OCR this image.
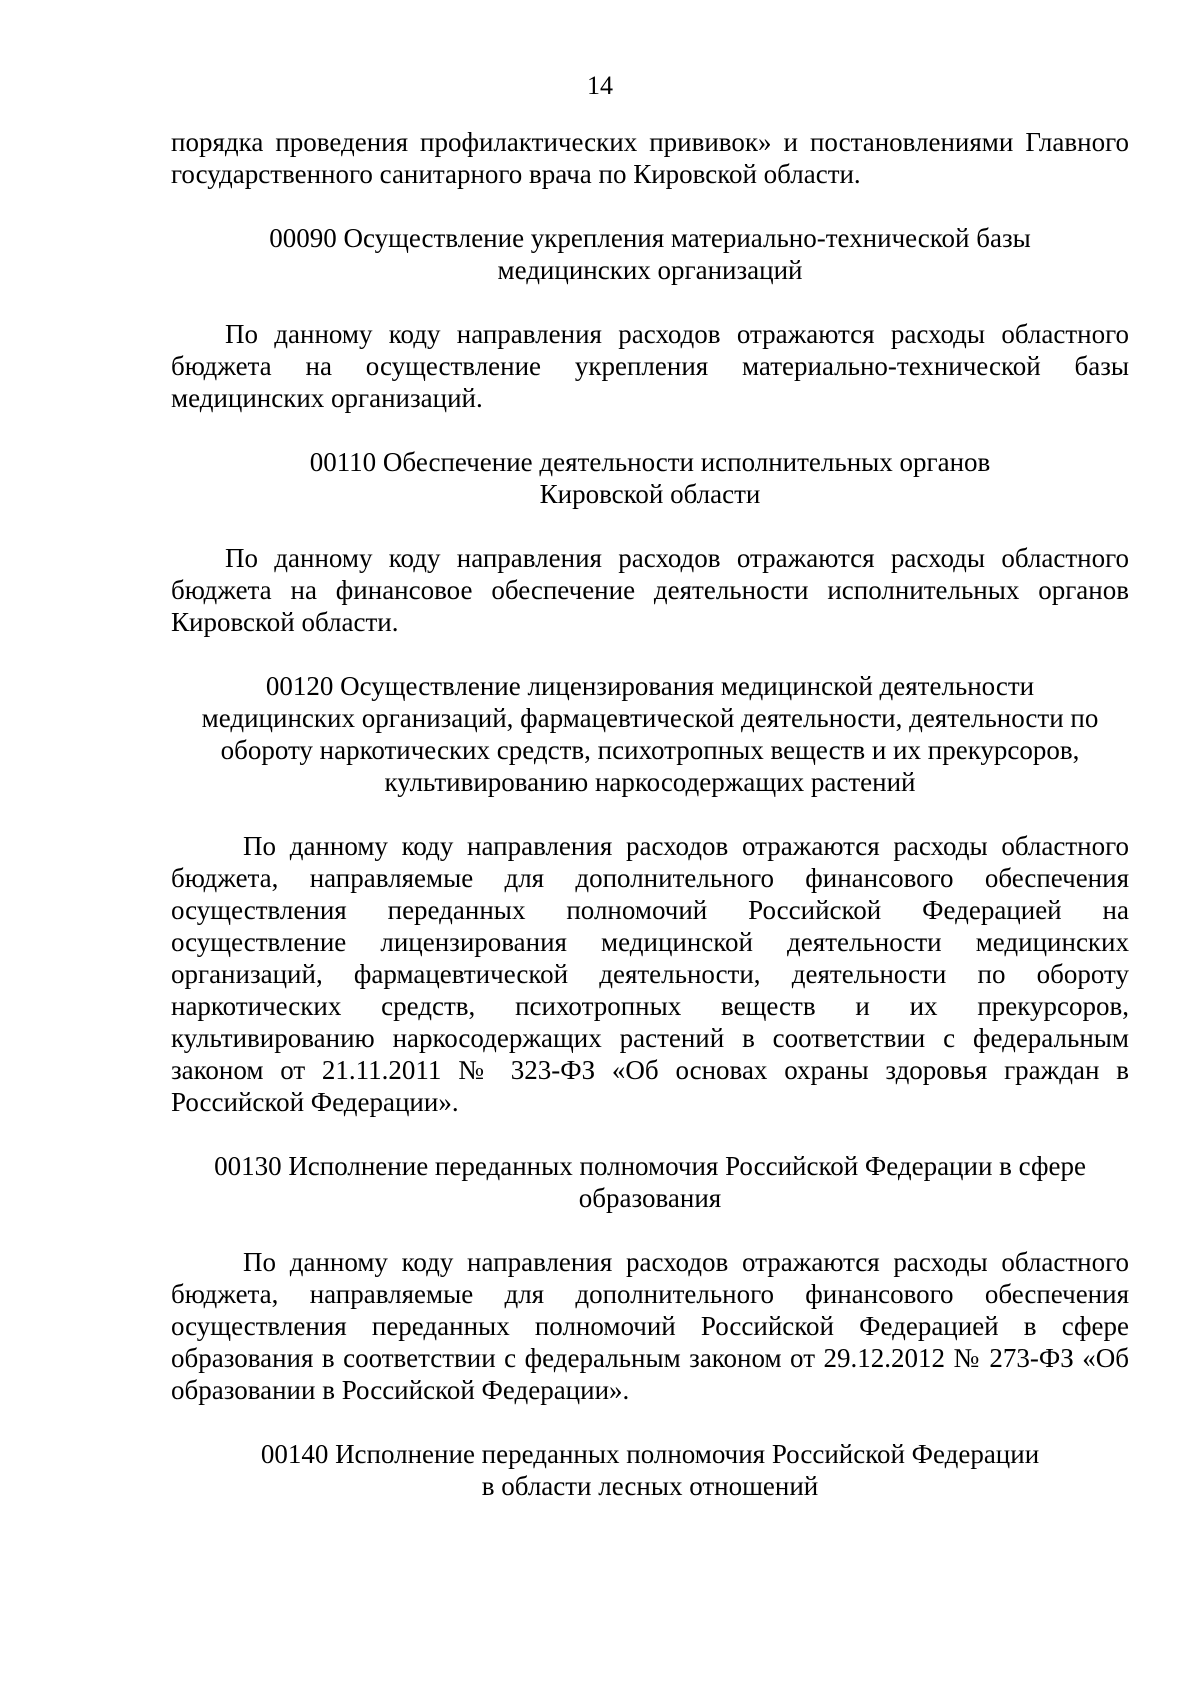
14

порядка проведения профилактических прививок» и постановлениями Главного государственного санитарного врача по Кировской области.

00090 Осуществление укрепления материально-технической базы
медицинских организаций

По данному коду направления расходов отражаются расходы областного бюджета на осуществление укрепления материально-технической базы медицинских организаций.

00110 Обеспечение деятельности исполнительных органов
Кировской области

По данному коду направления расходов отражаются расходы областного бюджета на финансовое обеспечение деятельности исполнительных органов Кировской области.

00120 Осуществление лицензирования медицинской деятельности
медицинских организаций, фармацевтической деятельности, деятельности по
обороту наркотических средств, психотропных веществ и их прекурсоров,
культивированию наркосодержащих растений

По данному коду направления расходов отражаются расходы областного бюджета, направляемые для дополнительного финансового обеспечения осуществления переданных полномочий Российской Федерацией на осуществление лицензирования медицинской деятельности медицинских организаций, фармацевтической деятельности, деятельности по обороту наркотических средств, психотропных веществ и их прекурсоров, культивированию наркосодержащих растений в соответствии с федеральным законом от 21.11.2011 № 323-ФЗ «Об основах охраны здоровья граждан в Российской Федерации».

00130 Исполнение переданных полномочия Российской Федерации в сфере
образования

По данному коду направления расходов отражаются расходы областного бюджета, направляемые для дополнительного финансового обеспечения осуществления переданных полномочий Российской Федерацией в сфере образования в соответствии с федеральным законом от 29.12.2012 № 273-ФЗ «Об образовании в Российской Федерации».

00140 Исполнение переданных полномочия Российской Федерации
в области лесных отношений
